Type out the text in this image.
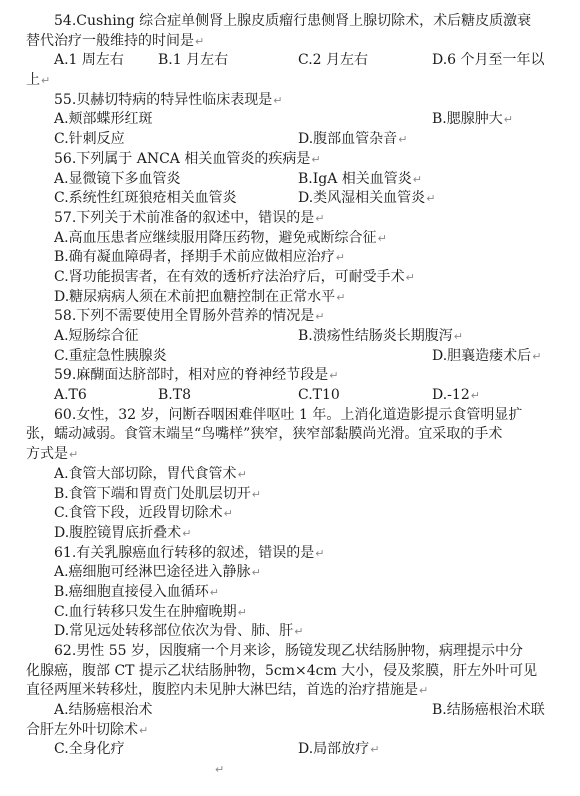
54.Cushing 综合症单侧肾上腺皮质瘤行患侧肾上腺切除术，术后糖皮质激衰
替代治疗一般维持的时间是↵
A.1 周左右 B.1 月左右	C.2 月左右	D.6 个月至一年以
上↵
55.贝赫切特病的特异性临床表现是↵
A.颊部蝶形红斑	B.腮腺肿大↵
C.针刺反应	D.腹部血管杂音↵
56.下列属于 ANCA 相关血管炎的疾病是↵
A.显微镜下多血管炎	B.IgA 相关血管炎↵
C.系统性红斑狼疮相关血管炎	D.类风湿相关血管炎↵
57.下列关于术前准备的叙述中，错误的是↵
A.高血压患者应继续服用降压药物，避免戒断综合征↵
B.确有凝血障碍者，择期手术前应做相应治疗↵
C.肾功能损害者，在有效的透析疗法治疗后，可耐受手术↵
D.糖尿病病人须在术前把血糖控制在正常水平↵
58.下列不需要使用全胃肠外营养的情况是↵
A.短肠综合征	B.溃疡性结肠炎长期腹泻↵
C.重症急性胰腺炎	D.胆襄造瘘术后↵
59.麻醐面达脐部时，相对应的脊神经节段是↵
A.T6	B.T8	C.T10	D.-12↵
60.女性，32 岁，问断吞咽困难伴呕吐 1 年。上消化道造影提示食管明显扩
张，蠕动减弱。食管末端呈“鸟嘴样”狭窄，狭窄部黏膜尚光滑。宜采取的手术
方式是↵
A.食管大部切除，胃代食管术↵
B.食管下端和胃贲门处肌层切开↵
C.食管下段，近段胃切除术↵
D.腹腔镜胃底折叠术↵
61.有关乳腺癌血行转移的叙述，错误的是↵
A.癌细胞可经淋巴途径进入静脉↵
B.癌细胞直接侵入血循环↵
C.血行转移只发生在肿瘤晚期↵
D.常见远处转移部位依次为骨、肺、肝↵
62.男性 55 岁，因腹痛一个月来诊，肠镜发现乙状结肠肿物，病理提示中分
化腺癌，腹部 CT 提示乙状结肠肿物，5cm×4cm 大小，侵及浆膜，肝左外叶可见
直径两厘米转移灶，腹腔内未见肿大淋巴结，首选的治疗措施是↵
A.结肠癌根治术	B.结肠癌根治术联
合肝左外叶切除术↵
C.全身化疗	D.局部放疗↵
↵
